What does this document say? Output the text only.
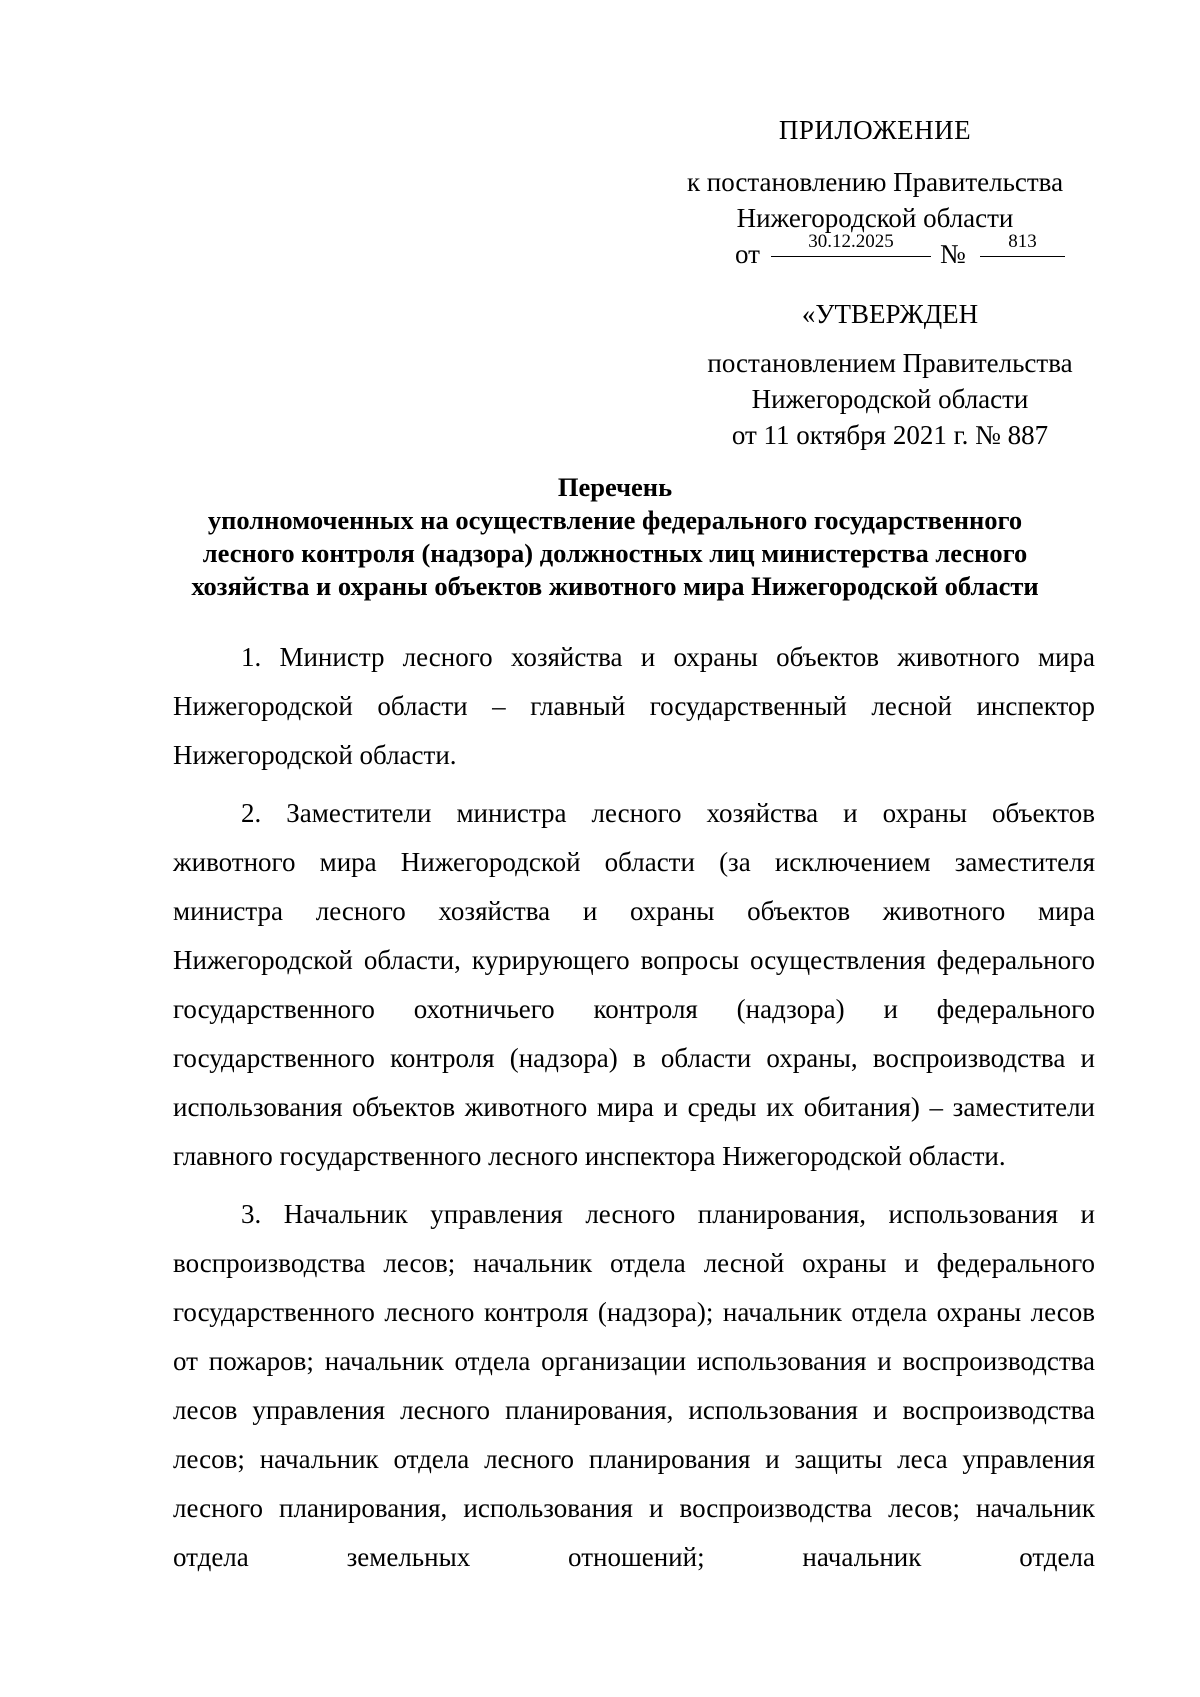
ПРИЛОЖЕНИЕ
к постановлению Правительства
Нижегородской области
от	30.12.2025	№	813
«УТВЕРЖДЕН
постановлением Правительства
Нижегородской области
от 11 октября 2021 г. № 887
Перечень
уполномоченных на осуществление федерального государственного
лесного контроля (надзора) должностных лиц министерства лесного
хозяйства и охраны объектов животного мира Нижегородской области

1. Министр лесного хозяйства и охраны объектов животного мира Нижегородской области – главный государственный лесной инспектор Нижегородской области.

2. Заместители министра лесного хозяйства и охраны объектов животного мира Нижегородской области (за исключением заместителя министра лесного хозяйства и охраны объектов животного мира Нижегородской области, курирующего вопросы осуществления федерального государственного охотничьего контроля (надзора) и федерального государственного контроля (надзора) в области охраны, воспроизводства и использования объектов животного мира и среды их обитания) – заместители главного государственного лесного инспектора Нижегородской области.

3. Начальник управления лесного планирования, использования и воспроизводства лесов; начальник отдела лесной охраны и федерального государственного лесного контроля (надзора); начальник отдела охраны лесов от пожаров; начальник отдела организации использования и воспроизводства лесов управления лесного планирования, использования и воспроизводства лесов; начальник отдела лесного планирования и защиты леса управления лесного планирования, использования и воспроизводства лесов; начальник отдела земельных отношений; начальник отдела
